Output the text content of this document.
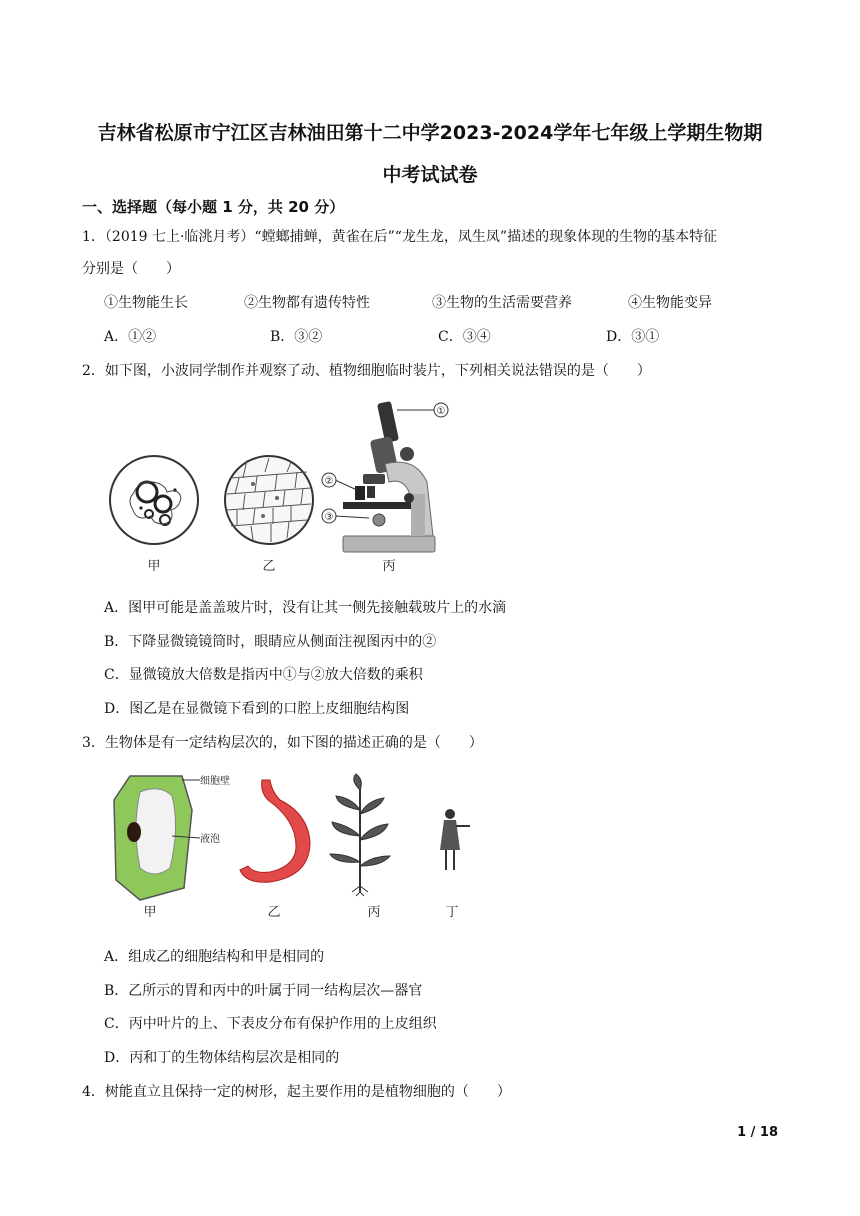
吉林省松原市宁江区吉林油田第十二中学2023-2024学年七年级上学期生物期
中考试试卷
一、选择题（每小题 1 分，共 20 分）
1．（2019 七上·临洮月考）“螳螂捕蝉，黄雀在后”“龙生龙，凤生凤”描述的现象体现的生物的基本特征
分别是（　　）
①生物能生长	②生物都有遗传特性	③生物的生活需要营养	④生物能变异
A．①②	B．③②	C．③④	D．③①
2．如下图，小波同学制作并观察了动、植物细胞临时装片，下列相关说法错误的是（　　）
①
②
③
甲	乙	丙
A．图甲可能是盖盖玻片时，没有让其一侧先接触载玻片上的水滴
B．下降显微镜镜筒时，眼睛应从侧面注视图丙中的②
C．显微镜放大倍数是指丙中①与②放大倍数的乘积
D．图乙是在显微镜下看到的口腔上皮细胞结构图
3．生物体是有一定结构层次的，如下图的描述正确的是（　　）
细胞壁
液泡
甲	乙	丙	丁
A．组成乙的细胞结构和甲是相同的
B．乙所示的胃和丙中的叶属于同一结构层次—器官
C．丙中叶片的上、下表皮分布有保护作用的上皮组织
D．丙和丁的生物体结构层次是相同的
4．树能直立且保持一定的树形，起主要作用的是植物细胞的（　　）
1 / 18
